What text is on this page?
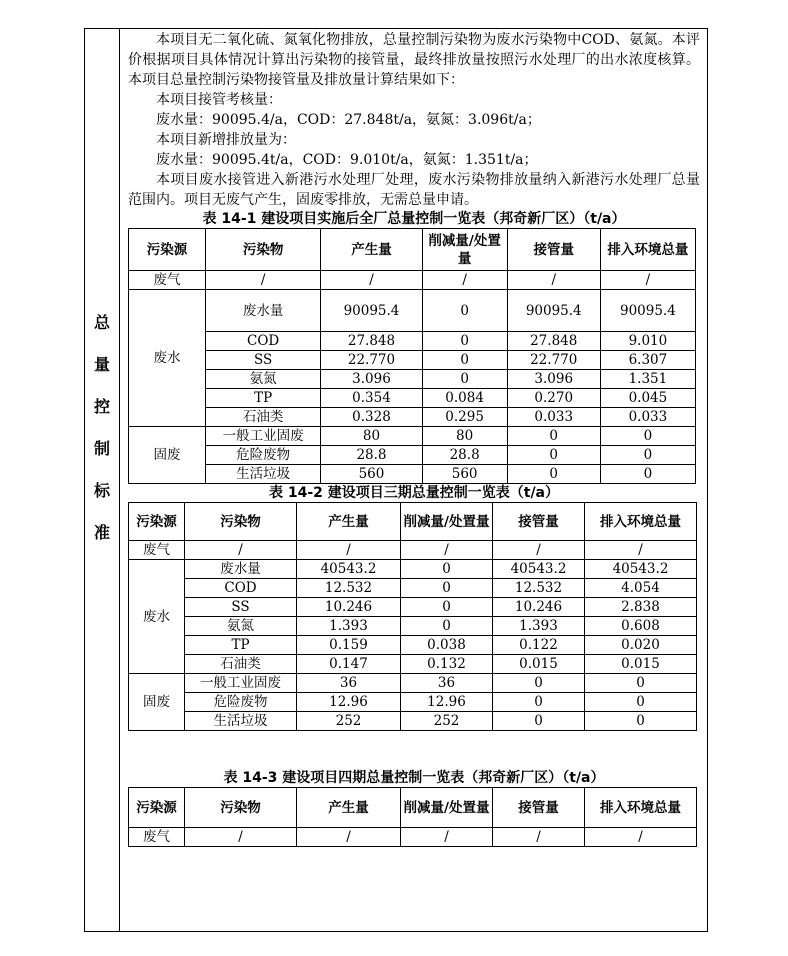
总
量
控
制
标
准

本项目无二氧化硫、氮氧化物排放，总量控制污染物为废水污染物中COD、氨氮。本评价根据项目具体情况计算出污染物的接管量，最终排放量按照污水处理厂的出水浓度核算。本项目总量控制污染物接管量及排放量计算结果如下：

本项目接管考核量：

废水量：90095.4/a，COD：27.848t/a，氨氮：3.096t/a；

本项目新增排放量为：

废水量：90095.4t/a，COD：9.010t/a，氨氮：1.351t/a；

本项目废水接管进入新港污水处理厂处理，废水污染物排放量纳入新港污水处理厂总量范围内。项目无废气产生，固废零排放，无需总量申请。

表 14-1 建设项目实施后全厂总量控制一览表（邦奇新厂区）（t/a）

污染源	污染物	产生量	削减量/处置量	接管量	排入环境总量
废气	/	/	/	/	/
废水	废水量	90095.4	0	90095.4	90095.4
	COD	27.848	0	27.848	9.010
	SS	22.770	0	22.770	6.307
	氨氮	3.096	0	3.096	1.351
	TP	0.354	0.084	0.270	0.045
	石油类	0.328	0.295	0.033	0.033
固废	一般工业固废	80	80	0	0
	危险废物	28.8	28.8	0	0
	生活垃圾	560	560	0	0

表 14-2 建设项目三期总量控制一览表（t/a）

污染源	污染物	产生量	削减量/处置量	接管量	排入环境总量
废气	/	/	/	/	/
废水	废水量	40543.2	0	40543.2	40543.2
	COD	12.532	0	12.532	4.054
	SS	10.246	0	10.246	2.838
	氨氮	1.393	0	1.393	0.608
	TP	0.159	0.038	0.122	0.020
	石油类	0.147	0.132	0.015	0.015
固废	一般工业固废	36	36	0	0
	危险废物	12.96	12.96	0	0
	生活垃圾	252	252	0	0

表 14-3 建设项目四期总量控制一览表（邦奇新厂区）（t/a）

污染源	污染物	产生量	削减量/处置量	接管量	排入环境总量
废气	/	/	/	/	/
